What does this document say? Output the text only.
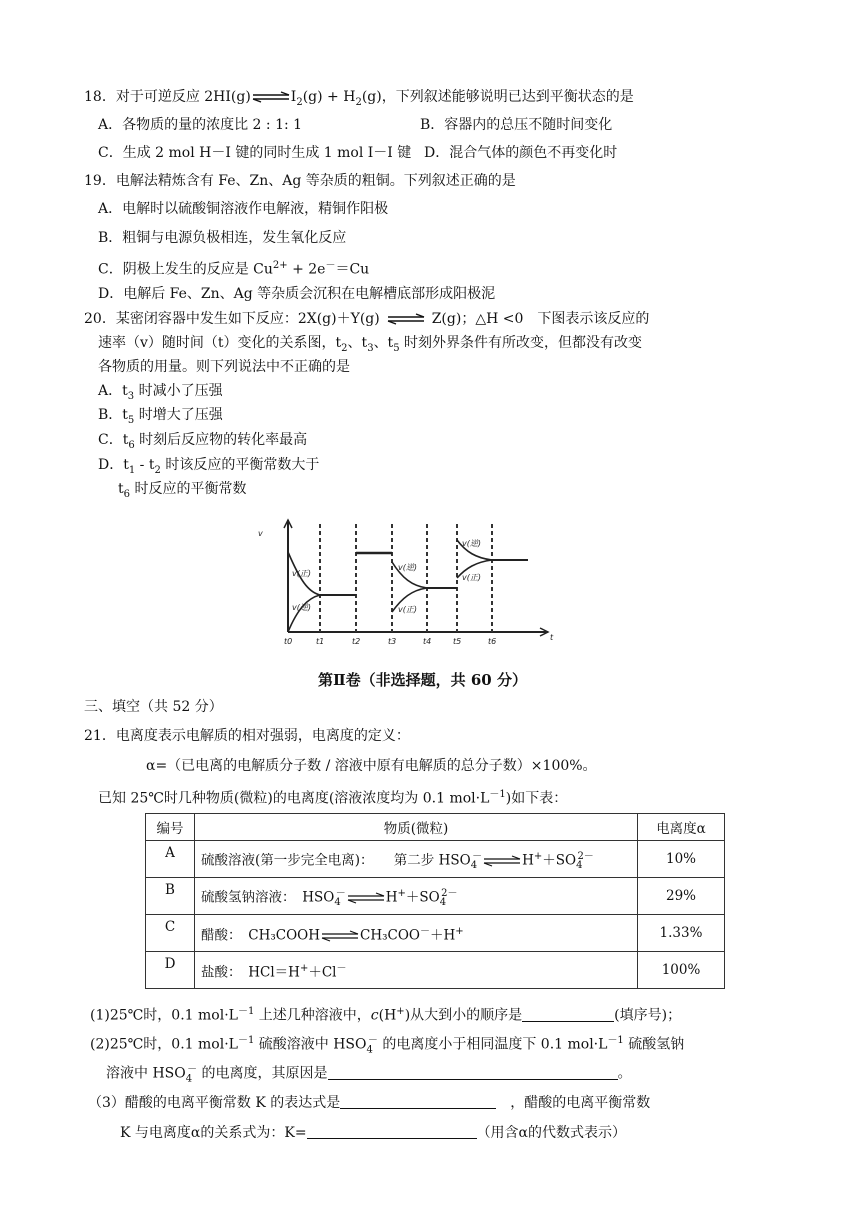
18．对于可逆反应 $2HI(g)\rightleftharpoons I_2(g) + H_2(g)$，下列叙述能够说明已达到平衡状态的是
A．各物质的量的浓度比 2 : 1: 1	B．容器内的总压不随时间变化
C．生成 2 mol H－I 键的同时生成 1 mol I－I 键 D．混合气体的颜色不再变化时
19．电解法精炼含有 Fe、Zn、Ag 等杂质的粗铜。下列叙述正确的是
A．电解时以硫酸铜溶液作电解液，精铜作阳极
B．粗铜与电源负极相连，发生氧化反应
C．阴极上发生的反应是 $Cu^{2+} + 2e^-=Cu$
D．电解后 Fe、Zn、Ag 等杂质会沉积在电解槽底部形成阳极泥
20．某密闭容器中发生如下反应：2X(g)＋Y(g) ⇌ Z(g)；△H <0　下图表示该反应的
速率（v）随时间（t）变化的关系图，$t_2$、$t_3$、$t_5$ 时刻外界条件有所改变，但都没有改变
各物质的用量。则下列说法中不正确的是
A．$t_3$ 时减小了压强
B．$t_5$ 时增大了压强
C．$t_6$ 时刻后反应物的转化率最高
D．$t_1 - t_2$ 时该反应的平衡常数大于
$t_6$ 时反应的平衡常数
v
t
t0	t1	t2	t3	t4	t5	t6
v(正)
v(逆)
v(逆)
v(正)
v(逆)
v(正)
第Ⅱ卷（非选择题，共 60 分）
三、填空（共 52 分）
21．电离度表示电解质的相对强弱，电离度的定义：
α=（已电离的电解质分子数 / 溶液中原有电解质的总分子数）×100%。
已知 25℃时几种物质(微粒)的电离度(溶液浓度均为 0.1 $mol\cdot L^{-1}$)如下表：
编号	物质(微粒)	电离度α
A	硫酸溶液(第一步完全电离)：　　 第二步 $HSO_4^-\rightleftharpoons H^++SO_4^{2-}$	10%
B	硫酸氢钠溶液：　 $HSO_4^-\rightleftharpoons H^++SO_4^{2-}$	29%
C	醋酸：　 CH₃COOH⇌CH₃COO－＋H+	1.33%
D	盐酸：　 HCl＝H+＋Cl－	100%
(1)25℃时，0.1 $mol\cdot L^{-1}$ 上述几种溶液中，c(H+)从大到小的顺序是	(填序号)；
(2)25℃时，0.1 $mol\cdot L^{-1}$ 硫酸溶液中 $HSO_4^-$ 的电离度小于相同温度下 0.1 $mol\cdot L^{-1}$ 硫酸氢钠
溶液中 $HSO_4^-$ 的电离度，其原因是	。
（3）醋酸的电离平衡常数 K 的表达式是　	，醋酸的电离平衡常数
K 与电离度α的关系式为：K=	（用含α的代数式表示）
